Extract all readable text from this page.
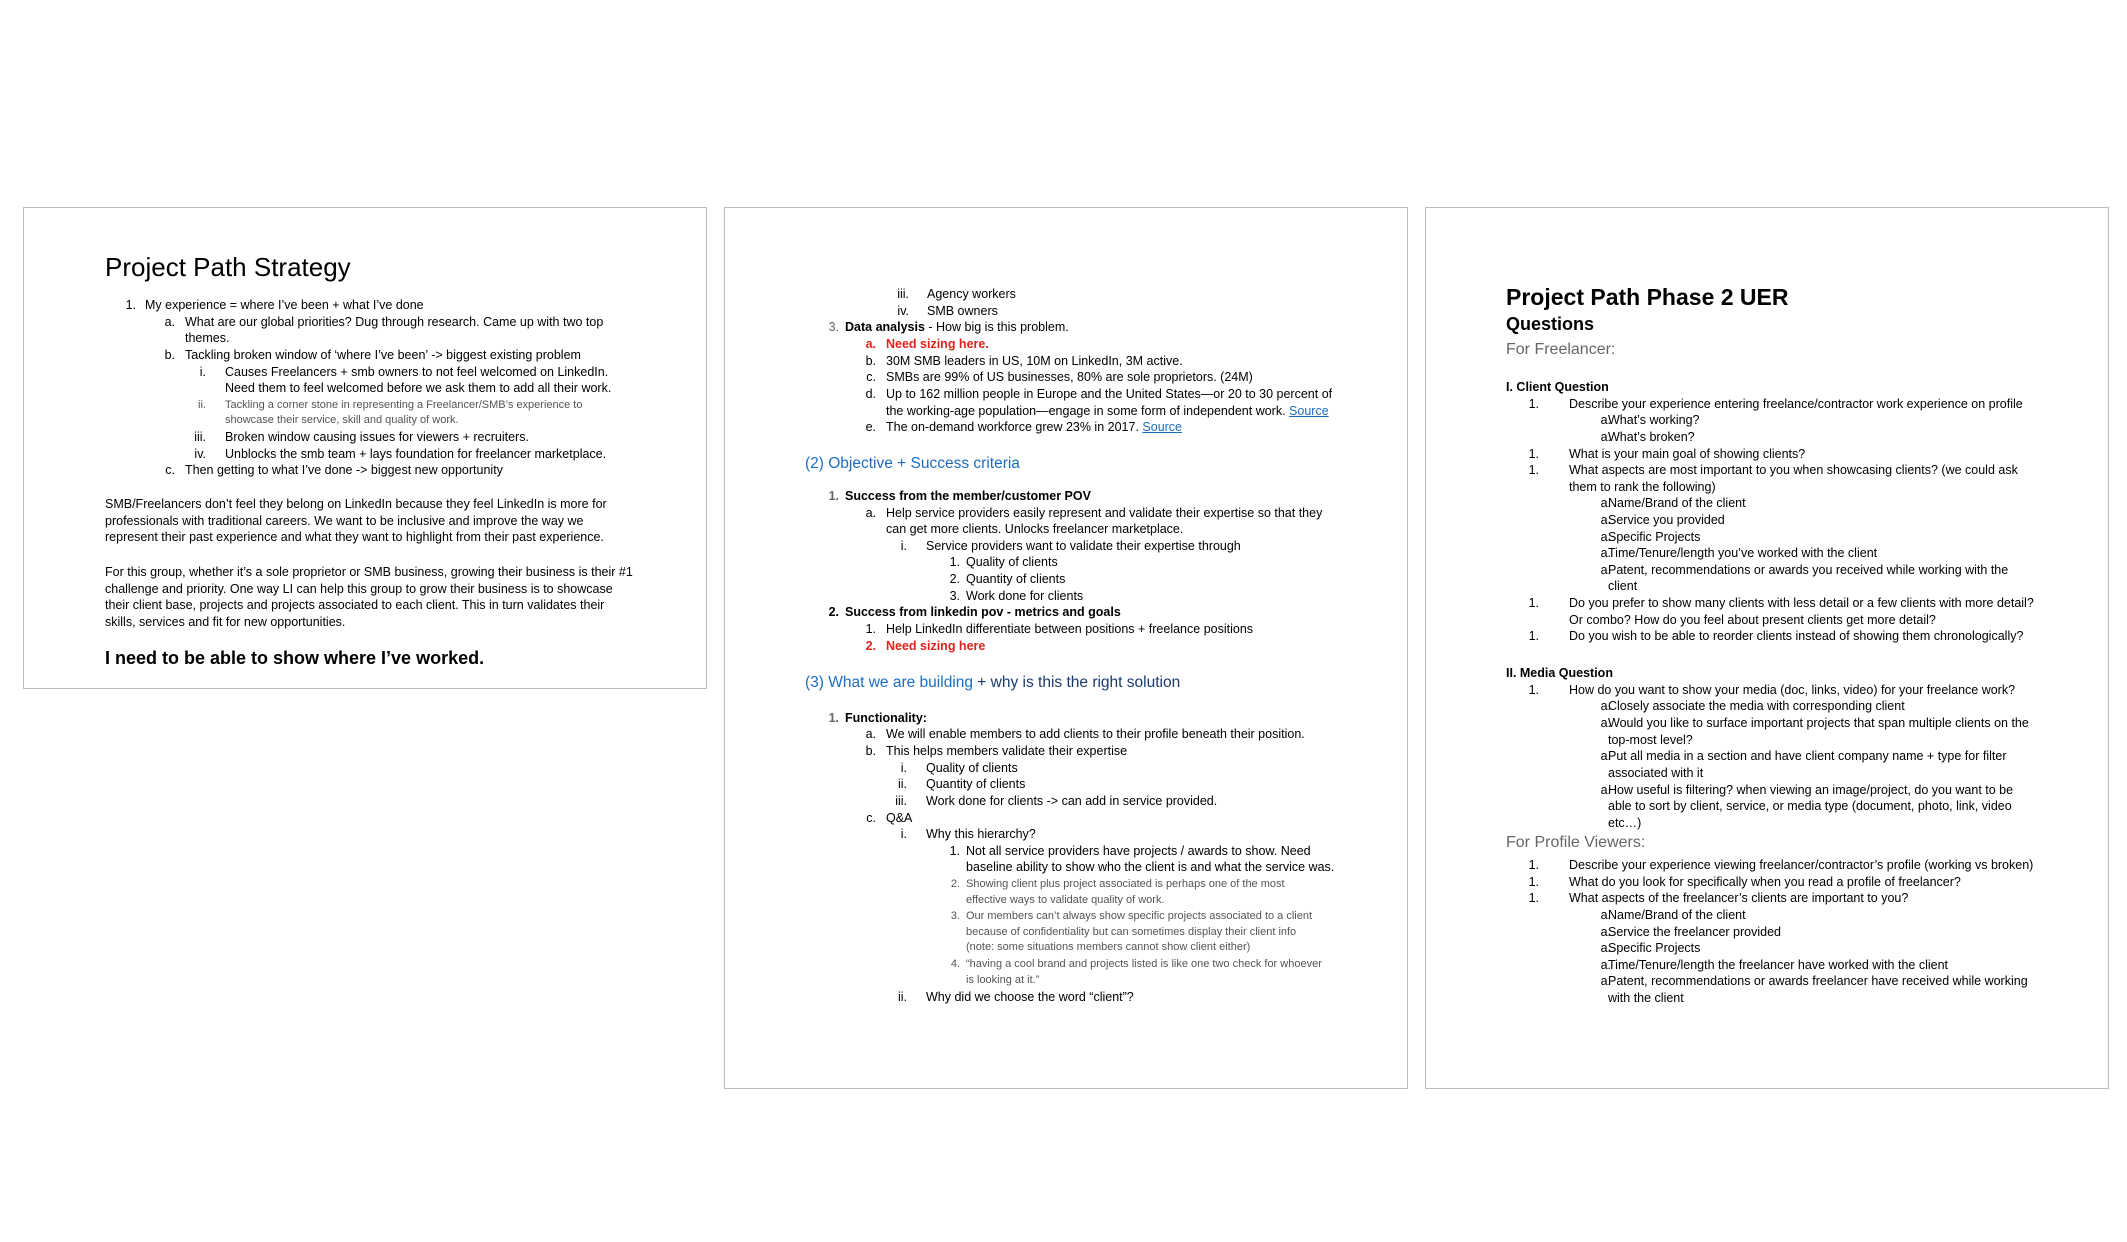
Project Path Strategy
1. My experience = where I’ve been + what I’ve done
a. What are our global priorities? Dug through research. Came up with two top
themes.
b. Tackling broken window of ‘where I’ve been’ -> biggest existing problem
i. Causes Freelancers + smb owners to not feel welcomed on LinkedIn.
Need them to feel welcomed before we ask them to add all their work.
ii. Tackling a corner stone in representing a Freelancer/SMB’s experience to
showcase their service, skill and quality of work.
iii. Broken window causing issues for viewers + recruiters.
iv. Unblocks the smb team + lays foundation for freelancer marketplace.
c. Then getting to what I’ve done -> biggest new opportunity
SMB/Freelancers don’t feel they belong on LinkedIn because they feel LinkedIn is more for
professionals with traditional careers. We want to be inclusive and improve the way we
represent their past experience and what they want to highlight from their past experience.
For this group, whether it’s a sole proprietor or SMB business, growing their business is their #1
challenge and priority. One way LI can help this group to grow their business is to showcase
their client base, projects and projects associated to each client. This in turn validates their
skills, services and fit for new opportunities.
I need to be able to show where I’ve worked.
iii. Agency workers
iv. SMB owners
3. Data analysis - How big is this problem.
a. Need sizing here.
b. 30M SMB leaders in US, 10M on LinkedIn, 3M active.
c. SMBs are 99% of US businesses, 80% are sole proprietors. (24M)
d. Up to 162 million people in Europe and the United States—or 20 to 30 percent of
the working-age population—engage in some form of independent work. Source
e. The on-demand workforce grew 23% in 2017. Source
(2) Objective + Success criteria
1. Success from the member/customer POV
a. Help service providers easily represent and validate their expertise so that they
can get more clients. Unlocks freelancer marketplace.
i. Service providers want to validate their expertise through
1. Quality of clients
2. Quantity of clients
3. Work done for clients
2. Success from linkedin pov - metrics and goals
1. Help LinkedIn differentiate between positions + freelance positions
2. Need sizing here
(3) What we are building + why is this the right solution
1. Functionality:
a. We will enable members to add clients to their profile beneath their position.
b. This helps members validate their expertise
i. Quality of clients
ii. Quantity of clients
iii. Work done for clients -> can add in service provided.
c. Q&A
i. Why this hierarchy?
1. Not all service providers have projects / awards to show. Need
baseline ability to show who the client is and what the service was.
2. Showing client plus project associated is perhaps one of the most
effective ways to validate quality of work.
3. Our members can’t always show specific projects associated to a client
because of confidentiality but can sometimes display their client info
(note: some situations members cannot show client either)
4. “having a cool brand and projects listed is like one two check for whoever
is looking at it.”
ii. Why did we choose the word “client”?
Project Path Phase 2 UER
Questions
For Freelancer:
I. Client Question
1. Describe your experience entering freelance/contractor work experience on profile
a.
What’s working?
a.
What’s broken?
1. What is your main goal of showing clients?
1. What aspects are most important to you when showcasing clients? (we could ask
them to rank the following)
a.
Name/Brand of the client
a.
Service you provided
a.
Specific Projects
a.
Time/Tenure/length you’ve worked with the client
a.
Patent, recommendations or awards you received while working with the
client
1. Do you prefer to show many clients with less detail or a few clients with more detail?
Or combo? How do you feel about present clients get more detail?
1. Do you wish to be able to reorder clients instead of showing them chronologically?
II. Media Question
1. How do you want to show your media (doc, links, video) for your freelance work?
a.
Closely associate the media with corresponding client
a.
Would you like to surface important projects that span multiple clients on the
top-most level?
a.
Put all media in a section and have client company name + type for filter
associated with it
a.
How useful is filtering? when viewing an image/project, do you want to be
able to sort by client, service, or media type (document, photo, link, video
etc…)
For Profile Viewers:
1. Describe your experience viewing freelancer/contractor’s profile (working vs broken)
1. What do you look for specifically when you read a profile of freelancer?
1. What aspects of the freelancer’s clients are important to you?
a.
Name/Brand of the client
a.
Service the freelancer provided
a.
Specific Projects
a.
Time/Tenure/length the freelancer have worked with the client
a.
Patent, recommendations or awards freelancer have received while working
with the client
